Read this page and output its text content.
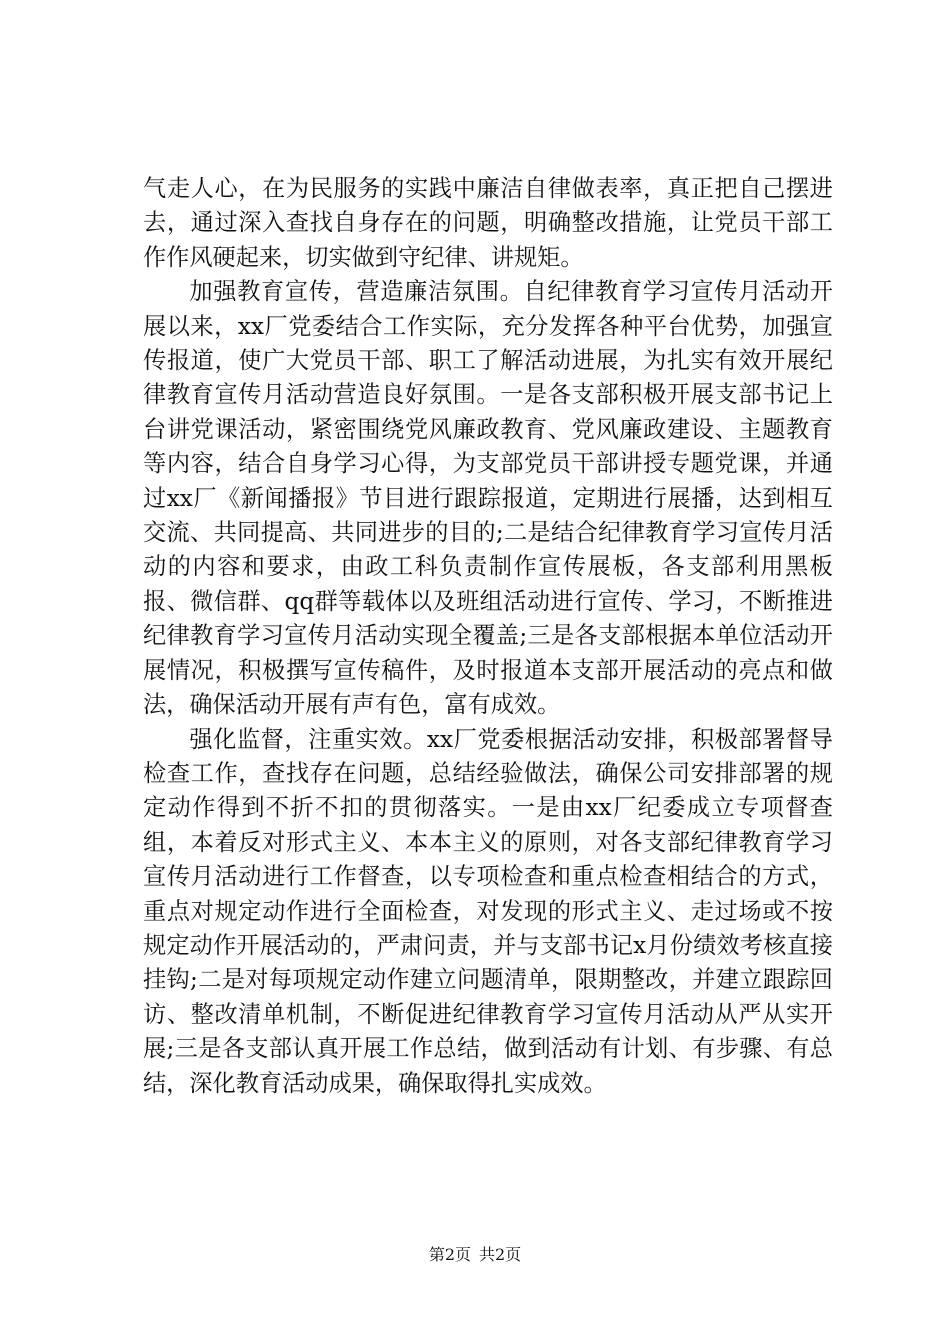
气走人心，在为民服务的实践中廉洁自律做表率，真正把自己摆进去，通过深入查找自身存在的问题，明确整改措施，让党员干部工作作风硬起来，切实做到守纪律、讲规矩。

加强教育宣传，营造廉洁氛围。自纪律教育学习宣传月活动开展以来，xx厂党委结合工作实际，充分发挥各种平台优势，加强宣传报道，使广大党员干部、职工了解活动进展，为扎实有效开展纪律教育宣传月活动营造良好氛围。一是各支部积极开展支部书记上台讲党课活动，紧密围绕党风廉政教育、党风廉政建设、主题教育等内容，结合自身学习心得，为支部党员干部讲授专题党课，并通过xx厂《新闻播报》节目进行跟踪报道，定期进行展播，达到相互交流、共同提高、共同进步的目的;二是结合纪律教育学习宣传月活动的内容和要求，由政工科负责制作宣传展板，各支部利用黑板报、微信群、qq群等载体以及班组活动进行宣传、学习，不断推进纪律教育学习宣传月活动实现全覆盖;三是各支部根据本单位活动开展情况，积极撰写宣传稿件，及时报道本支部开展活动的亮点和做法，确保活动开展有声有色，富有成效。

强化监督，注重实效。xx厂党委根据活动安排，积极部署督导检查工作，查找存在问题，总结经验做法，确保公司安排部署的规定动作得到不折不扣的贯彻落实。一是由xx厂纪委成立专项督查组，本着反对形式主义、本本主义的原则，对各支部纪律教育学习宣传月活动进行工作督查，以专项检查和重点检查相结合的方式，重点对规定动作进行全面检查，对发现的形式主义、走过场或不按规定动作开展活动的，严肃问责，并与支部书记x月份绩效考核直接挂钩;二是对每项规定动作建立问题清单，限期整改，并建立跟踪回访、整改清单机制，不断促进纪律教育学习宣传月活动从严从实开展;三是各支部认真开展工作总结，做到活动有计划、有步骤、有总结，深化教育活动成果，确保取得扎实成效。

第2页 共2页
